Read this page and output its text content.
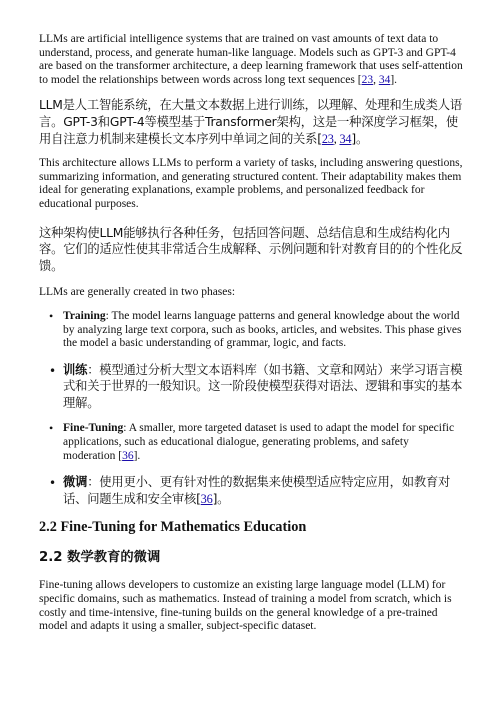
LLMs are artificial intelligence systems that are trained on vast amounts of text data to understand, process, and generate human-like language. Models such as GPT-3 and GPT-4 are based on the transformer architecture, a deep learning framework that uses self-attention to model the relationships between words across long text sequences [23, 34].

LLM是人工智能系统，在大量文本数据上进行训练，以理解、处理和生成类人语言。GPT-3和GPT-4等模型基于Transformer架构，这是一种深度学习框架，使用自注意力机制来建模长文本序列中单词之间的关系[23, 34]。

This architecture allows LLMs to perform a variety of tasks, including answering questions, summarizing information, and generating structured content. Their adaptability makes them ideal for generating explanations, example problems, and personalized feedback for educational purposes.

这种架构使LLM能够执行各种任务，包括回答问题、总结信息和生成结构化内容。它们的适应性使其非常适合生成解释、示例问题和针对教育目的的个性化反馈。

LLMs are generally created in two phases:

• Training: The model learns language patterns and general knowledge about the world by analyzing large text corpora, such as books, articles, and websites. This phase gives the model a basic understanding of grammar, logic, and facts.
• 训练：模型通过分析大型文本语料库（如书籍、文章和网站）来学习语言模式和关于世界的一般知识。这一阶段使模型获得对语法、逻辑和事实的基本理解。
• Fine-Tuning: A smaller, more targeted dataset is used to adapt the model for specific applications, such as educational dialogue, generating problems, and safety moderation [36].
• 微调：使用更小、更有针对性的数据集来使模型适应特定应用，如教育对话、问题生成和安全审核[36]。
2.2 Fine-Tuning for Mathematics Education
2.2 数学教育的微调

Fine-tuning allows developers to customize an existing large language model (LLM) for specific domains, such as mathematics. Instead of training a model from scratch, which is costly and time-intensive, fine-tuning builds on the general knowledge of a pre-trained model and adapts it using a smaller, subject-specific dataset.
